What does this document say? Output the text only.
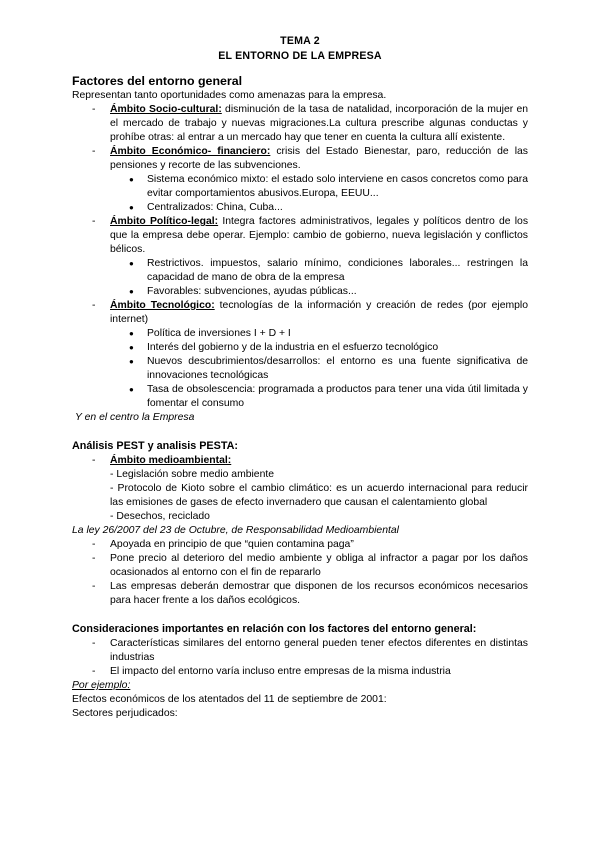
TEMA 2
EL ENTORNO DE LA EMPRESA
Factores del entorno general

Representan tanto oportunidades como amenazas para la empresa.

- Ámbito Socio-cultural: disminución de la tasa de natalidad, incorporación de la mujer en el mercado de trabajo y nuevas migraciones.La cultura prescribe algunas conductas y prohíbe otras: al entrar a un mercado hay que tener en cuenta la cultura allí existente.

- Ámbito Económico- financiero: crisis del Estado Bienestar, paro, reducción de las pensiones y recorte de las subvenciones.

● Sistema económico mixto: el estado solo interviene en casos concretos como para evitar comportamientos abusivos.Europa, EEUU...

● Centralizados: China, Cuba...

- Ámbito Político-legal: Integra factores administrativos, legales y políticos dentro de los que la empresa debe operar. Ejemplo: cambio de gobierno, nueva legislación y conflictos bélicos.

● Restrictivos. impuestos, salario mínimo, condiciones laborales... restringen la capacidad de mano de obra de la empresa

● Favorables: subvenciones, ayudas públicas...

- Ámbito Tecnológico: tecnologías de la información y creación de redes (por ejemplo internet)

● Política de inversiones I + D + I

● Interés del gobierno y de la industria en el esfuerzo tecnológico

● Nuevos descubrimientos/desarrollos: el entorno es una fuente significativa de innovaciones tecnológicas

● Tasa de obsolescencia: programada a productos para tener una vida útil limitada y fomentar el consumo

Y en el centro la Empresa

Análisis PEST y analisis PESTA:

- Ámbito medioambiental:

- Legislación sobre medio ambiente

- Protocolo de Kioto sobre el cambio climático: es un acuerdo internacional para reducir las emisiones de gases de efecto invernadero que causan el calentamiento global

- Desechos, reciclado

La ley 26/2007 del 23 de Octubre, de Responsabilidad Medioambiental

- Apoyada en principio de que “quien contamina paga”

- Pone precio al deterioro del medio ambiente y obliga al infractor a pagar por los daños ocasionados al entorno con el fin de repararlo

- Las empresas deberán demostrar que disponen de los recursos económicos necesarios para hacer frente a los daños ecológicos.

Consideraciones importantes en relación con los factores del entorno general:

- Características similares del entorno general pueden tener efectos diferentes en distintas industrias

- El impacto del entorno varía incluso entre empresas de la misma industria

Por ejemplo:

Efectos económicos de los atentados del 11 de septiembre de 2001:

Sectores perjudicados:
